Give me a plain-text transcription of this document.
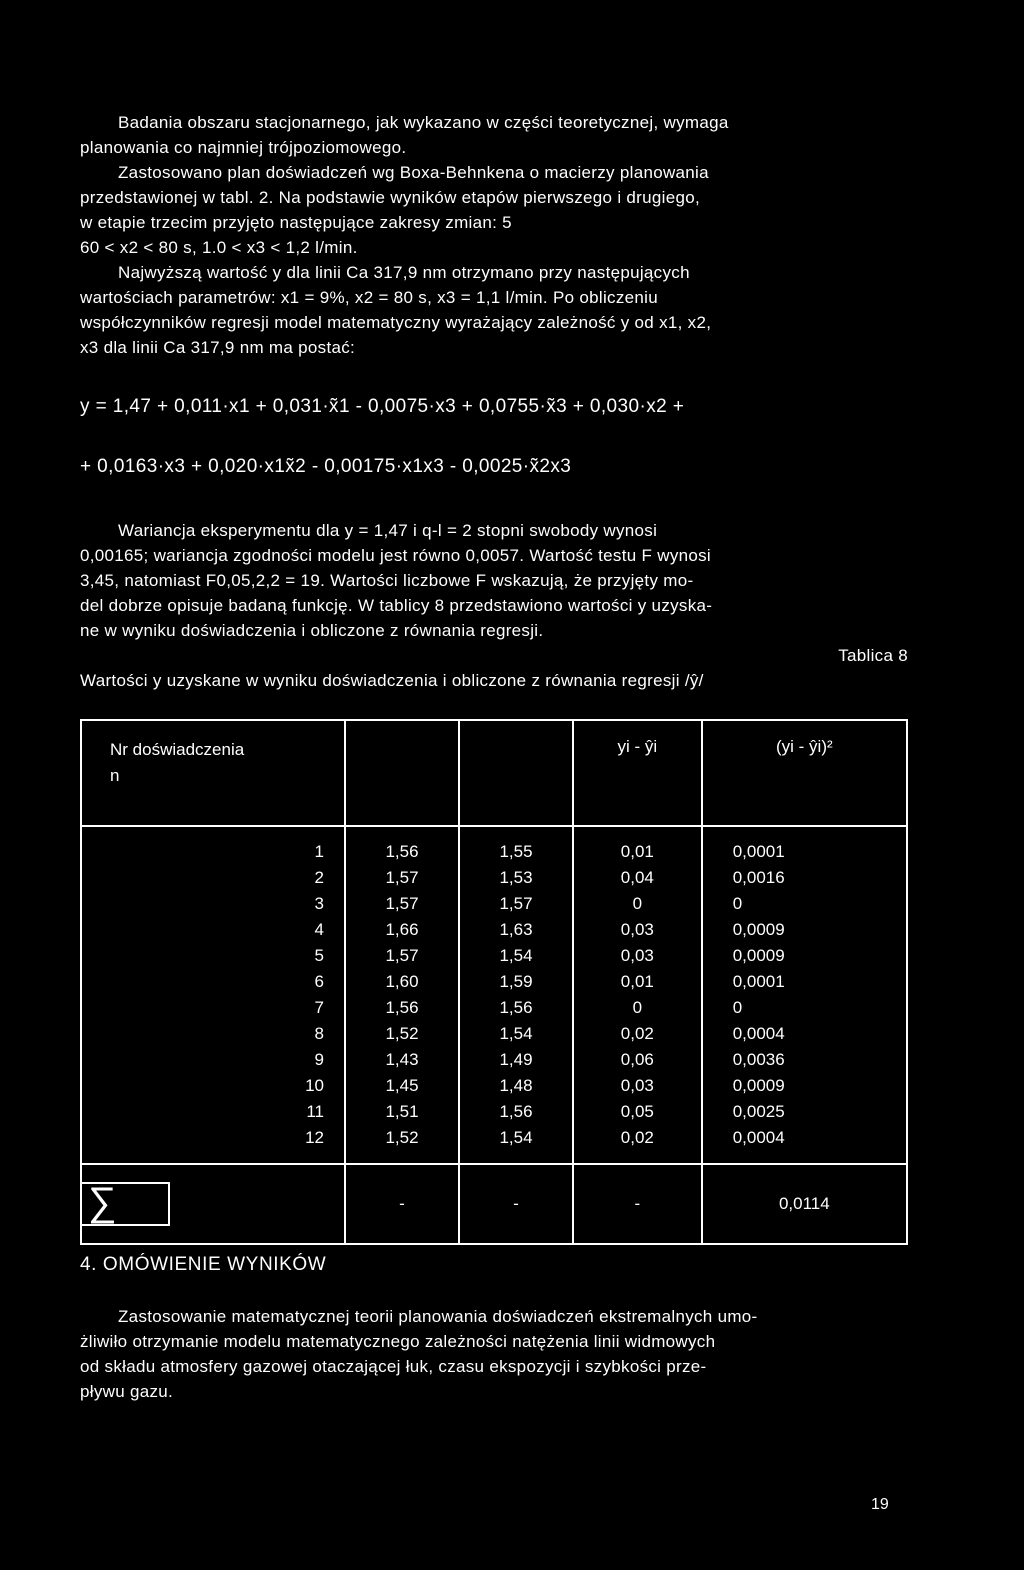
Badania obszaru stacjonarnego, jak wykazano w części teoretycznej, wymaga

planowania co najmniej trójpoziomowego.

Zastosowano plan doświadczeń wg Boxa-Behnkena o macierzy planowania

przedstawionej w tabl. 2. Na podstawie wyników etapów pierwszego i drugiego,

w etapie trzecim przyjęto następujące zakresy zmian: 5

60 < x2 < 80 s, 1.0 < x3 < 1,2 l/min.

Najwyższą wartość y dla linii Ca 317,9 nm otrzymano przy następujących

wartościach parametrów: x1 = 9%, x2 = 80 s, x3 = 1,1 l/min. Po obliczeniu

współczynników regresji model matematyczny wyrażający zależność y od x1, x2,

x3 dla linii Ca 317,9 nm ma postać:

y = 1,47 + 0,011·x1 + 0,031·x̃1 - 0,0075·x3 + 0,0755·x̃3 + 0,030·x2 +
+ 0,0163·x3 + 0,020·x1x̃2 - 0,00175·x1x3 - 0,0025·x̃2x3

Wariancja eksperymentu dla y = 1,47 i q-l = 2 stopni swobody wynosi

0,00165; wariancja zgodności modelu jest równo 0,0057. Wartość testu F wynosi

3,45, natomiast F0,05,2,2 = 19. Wartości liczbowe F wskazują, że przyjęty mo-

del dobrze opisuje badaną funkcję. W tablicy 8 przedstawiono wartości y uzyska-

ne w wyniku doświadczenia i obliczone z równania regresji.

Tablica 8

Wartości y uzyskane w wyniku doświadczenia i obliczone z równania regresji /ŷ/

Nr doświadczenia
n			yi - ŷi	(yi - ŷi)²
1	1,56	1,55	0,01	0,0001
2	1,57	1,53	0,04	0,0016
3	1,57	1,57	0	0
4	1,66	1,63	0,03	0,0009
5	1,57	1,54	0,03	0,0009
6	1,60	1,59	0,01	0,0001
7	1,56	1,56	0	0
8	1,52	1,54	0,02	0,0004
9	1,43	1,49	0,06	0,0036
10	1,45	1,48	0,03	0,0009
11	1,51	1,56	0,05	0,0025
12	1,52	1,54	0,02	0,0004
∑	-	-	-	0,0114
4. OMÓWIENIE WYNIKÓW

Zastosowanie matematycznej teorii planowania doświadczeń ekstremalnych umo-

żliwiło otrzymanie modelu matematycznego zależności natężenia linii widmowych

od składu atmosfery gazowej otaczającej łuk, czasu ekspozycji i szybkości prze-

pływu gazu.

19
